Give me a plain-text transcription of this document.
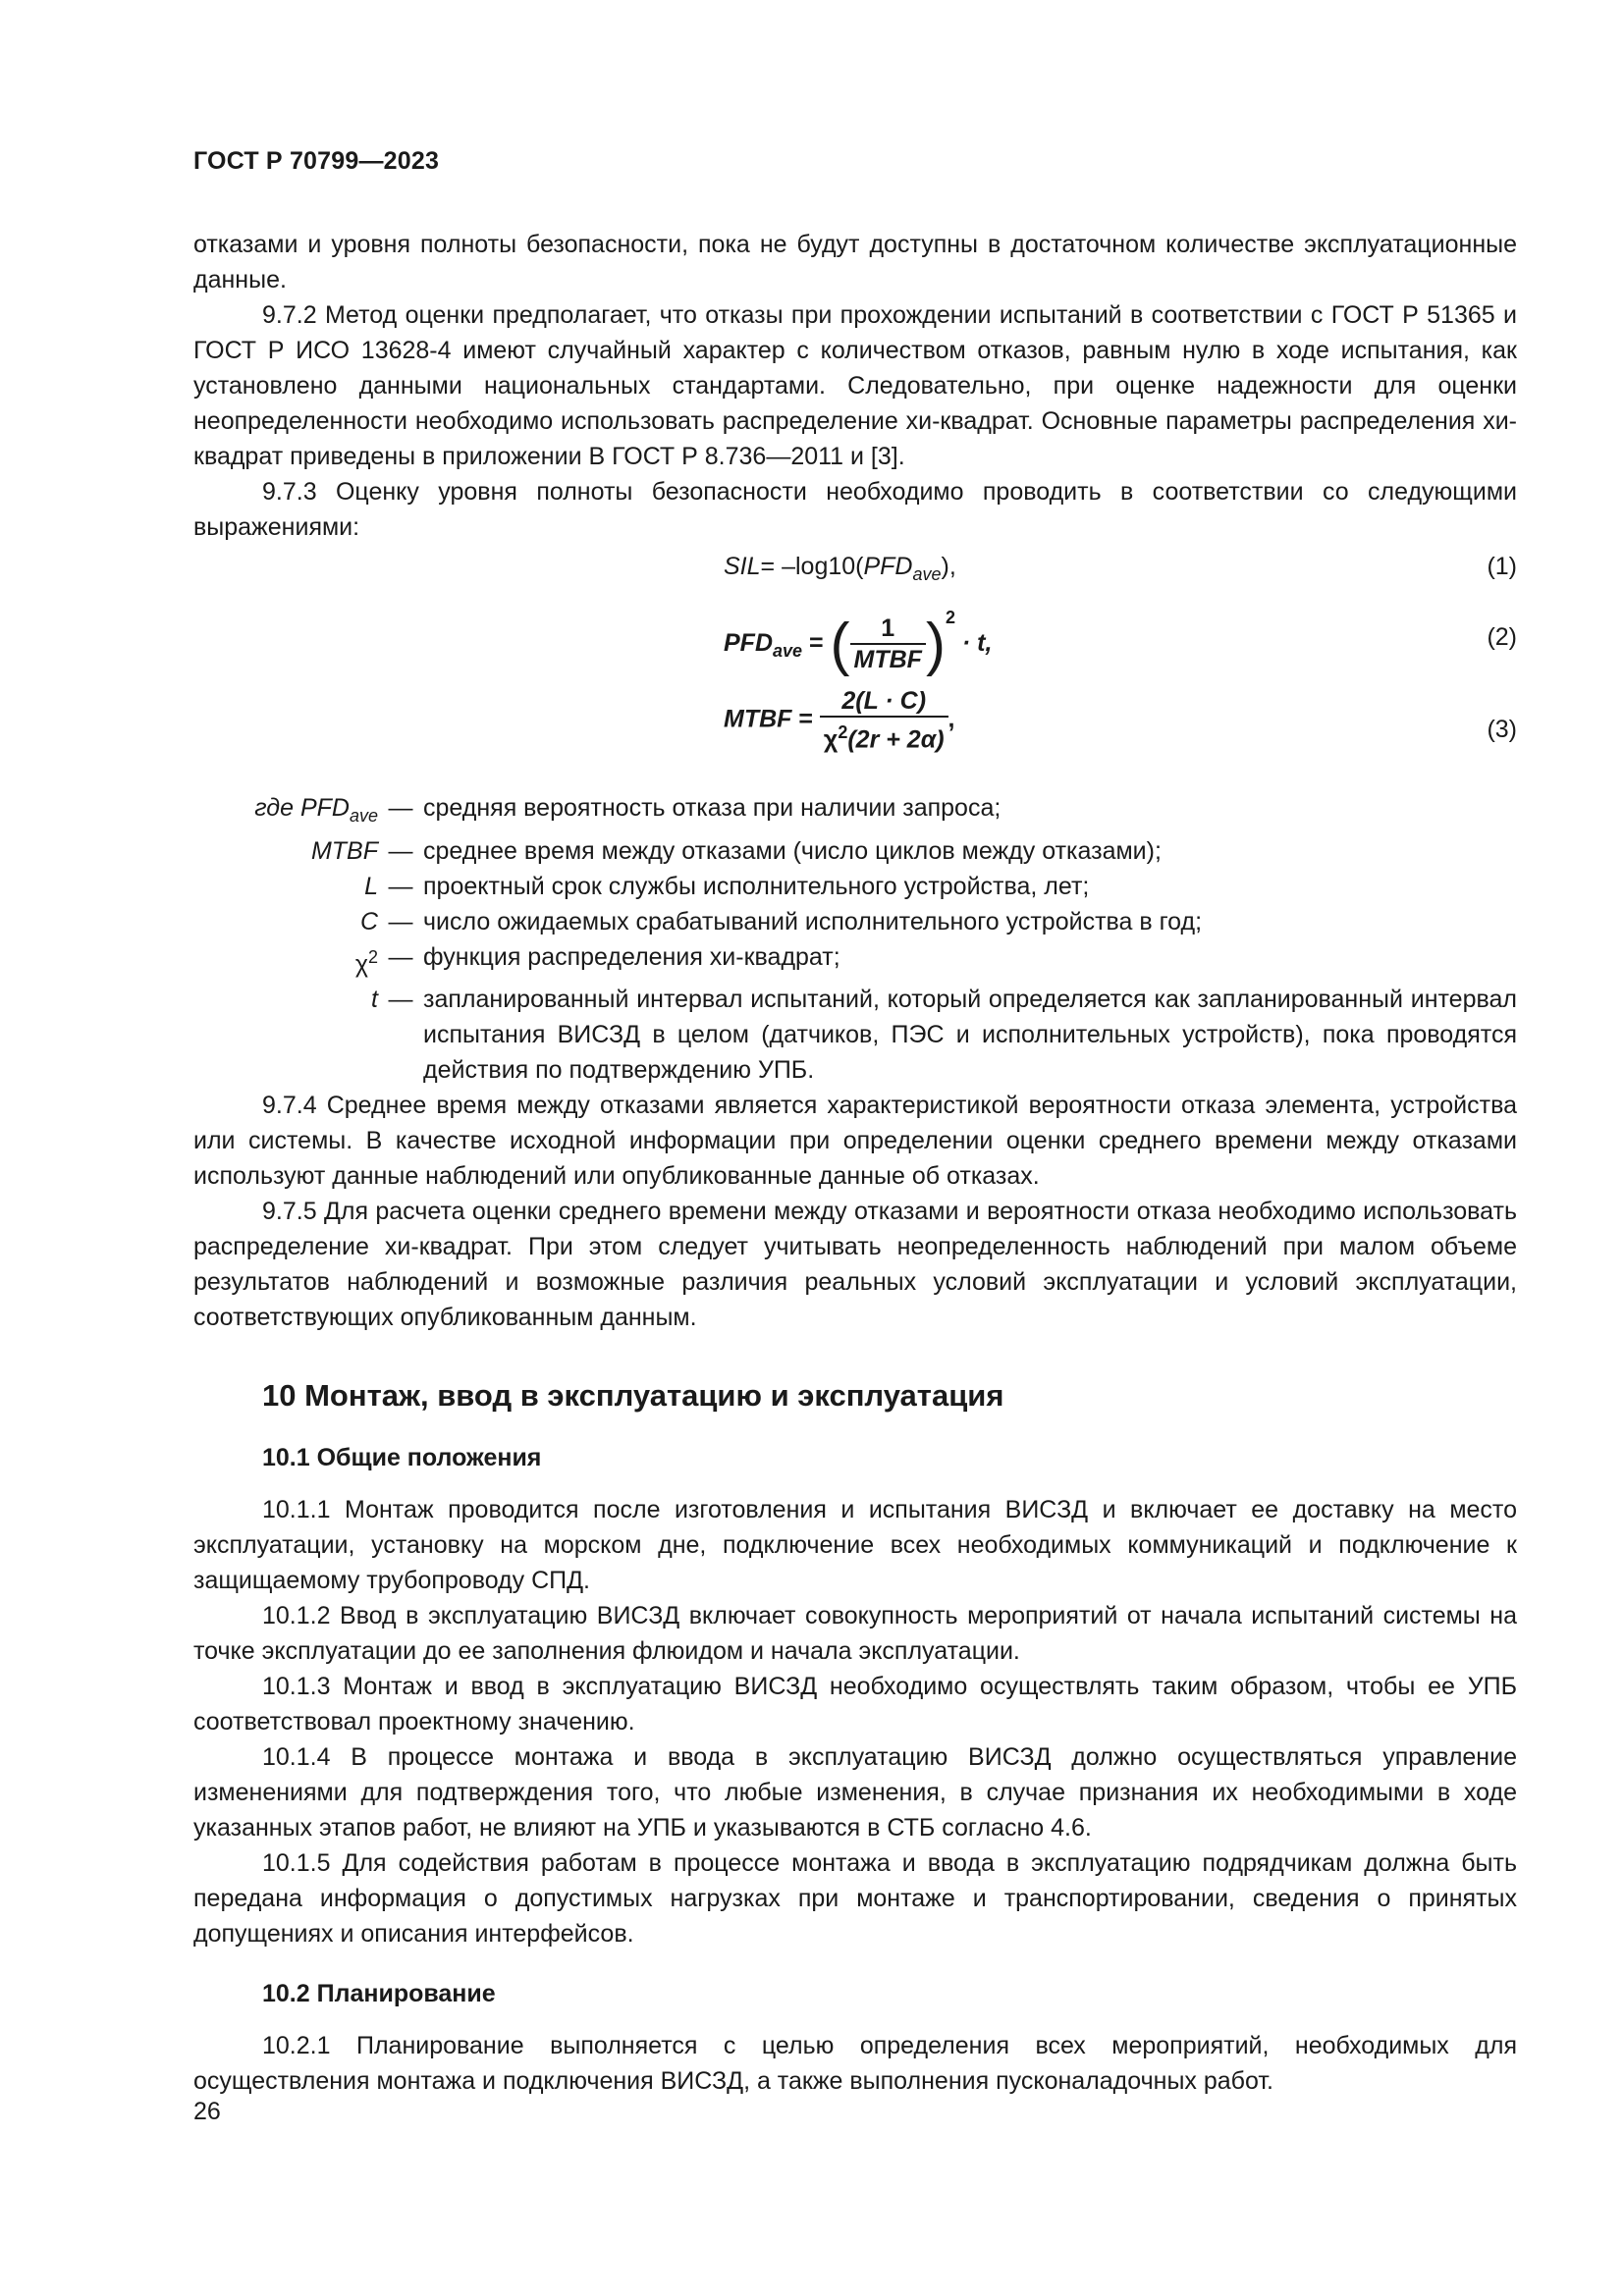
ГОСТ Р 70799—2023

отказами и уровня полноты безопасности, пока не будут доступны в достаточном количестве эксплуатационные данные.

9.7.2 Метод оценки предполагает, что отказы при прохождении испытаний в соответствии с ГОСТ Р 51365 и ГОСТ Р ИСО 13628-4 имеют случайный характер с количеством отказов, равным нулю в ходе испытания, как установлено данными национальных стандартами. Следовательно, при оценке надежности для оценки неопределенности необходимо использовать распределение хи-квадрат. Основные параметры распределения хи-квадрат приведены в приложении В ГОСТ Р 8.736—2011 и [3].

9.7.3 Оценку уровня полноты безопасности необходимо проводить в соответствии со следующими выражениями:

$SIL= -\log 10(PFD_{ave})$,	(1)
$PFD_{ave}$ = ( $\frac{1}{\text{MTBF}} )^2 \cdot t$,	(2)
MTBF = $\frac{2(L \cdot C)}{\chi^2(2r + 2\alpha)}$ ,	(3)
где $PFD_{ave}$ — средняя вероятность отказа при наличии запроса;
MTBF — среднее время между отказами (число циклов между отказами);
L — проектный срок службы исполнительного устройства, лет;
C — число ожидаемых срабатываний исполнительного устройства в год;
$\chi^2$ — функция распределения хи-квадрат;
t — запланированный интервал испытаний, который определяется как запланированный интервал испытания ВИСЗД в целом (датчиков, ПЭС и исполнительных устройств), пока проводятся действия по подтверждению УПБ.

9.7.4 Среднее время между отказами является характеристикой вероятности отказа элемента, устройства или системы. В качестве исходной информации при определении оценки среднего времени между отказами используют данные наблюдений или опубликованные данные об отказах.

9.7.5 Для расчета оценки среднего времени между отказами и вероятности отказа необходимо использовать распределение хи-квадрат. При этом следует учитывать неопределенность наблюдений при малом объеме результатов наблюдений и возможные различия реальных условий эксплуатации и условий эксплуатации, соответствующих опубликованным данным.

10 Монтаж, ввод в эксплуатацию и эксплуатация
10.1 Общие положения

10.1.1 Монтаж проводится после изготовления и испытания ВИСЗД и включает ее доставку на место эксплуатации, установку на морском дне, подключение всех необходимых коммуникаций и подключение к защищаемому трубопроводу СПД.

10.1.2 Ввод в эксплуатацию ВИСЗД включает совокупность мероприятий от начала испытаний системы на точке эксплуатации до ее заполнения флюидом и начала эксплуатации.

10.1.3 Монтаж и ввод в эксплуатацию ВИСЗД необходимо осуществлять таким образом, чтобы ее УПБ соответствовал проектному значению.

10.1.4 В процессе монтажа и ввода в эксплуатацию ВИСЗД должно осуществляться управление изменениями для подтверждения того, что любые изменения, в случае признания их необходимыми в ходе указанных этапов работ, не влияют на УПБ и указываются в СТБ согласно 4.6.

10.1.5 Для содействия работам в процессе монтажа и ввода в эксплуатацию подрядчикам должна быть передана информация о допустимых нагрузках при монтаже и транспортировании, сведения о принятых допущениях и описания интерфейсов.

10.2 Планирование

10.2.1 Планирование выполняется с целью определения всех мероприятий, необходимых для осуществления монтажа и подключения ВИСЗД, а также выполнения пусконаладочных работ.

26
